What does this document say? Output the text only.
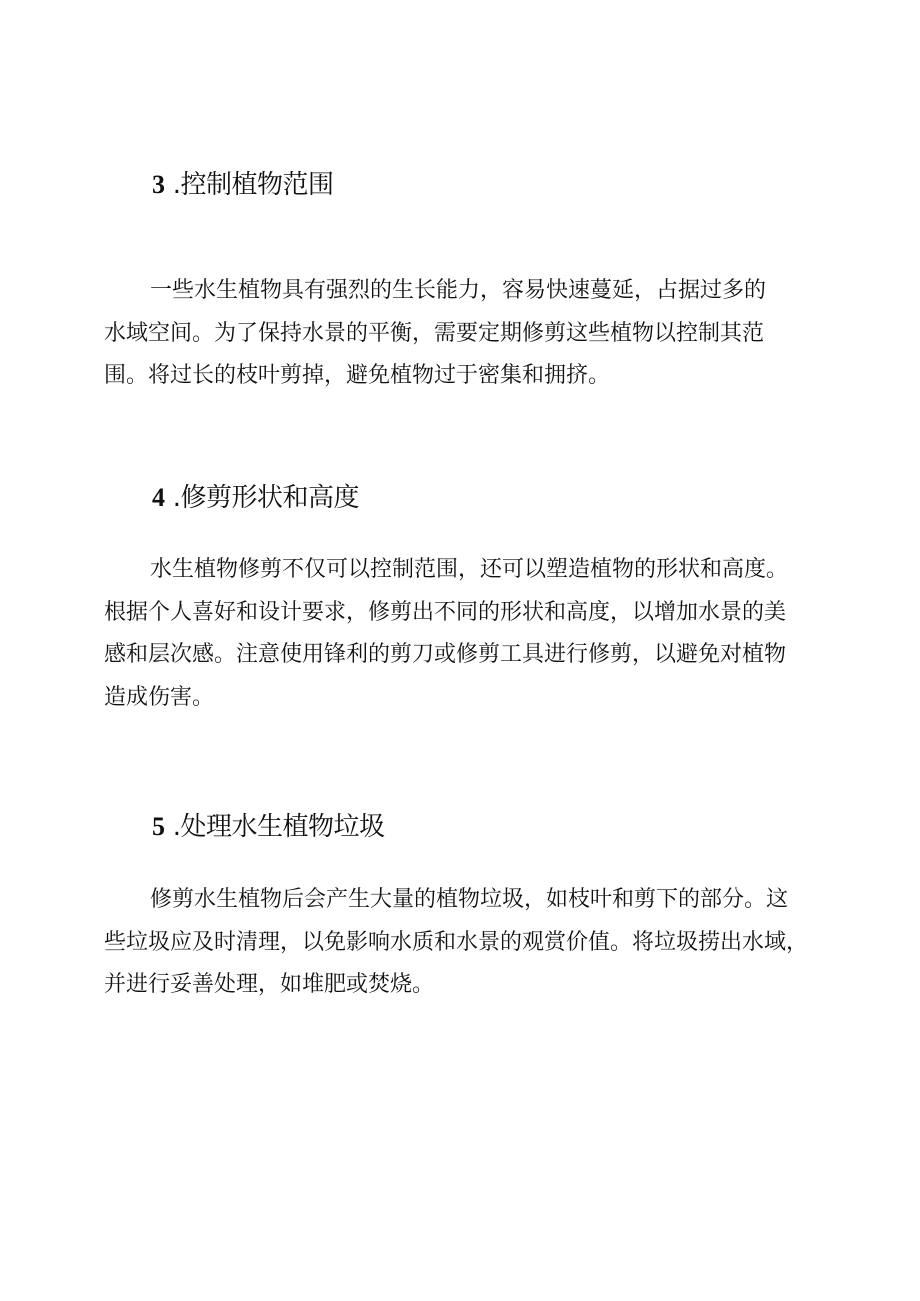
3 .控制植物范围

一些水生植物具有强烈的生长能力，容易快速蔓延，占据过多的
水域空间。为了保持水景的平衡，需要定期修剪这些植物以控制其范
围。将过长的枝叶剪掉，避免植物过于密集和拥挤。

4 .修剪形状和高度

水生植物修剪不仅可以控制范围，还可以塑造植物的形状和高度。
根据个人喜好和设计要求，修剪出不同的形状和高度，以增加水景的美
感和层次感。注意使用锋利的剪刀或修剪工具进行修剪，以避免对植物
造成伤害。

5 .处理水生植物垃圾

修剪水生植物后会产生大量的植物垃圾，如枝叶和剪下的部分。这
些垃圾应及时清理，以免影响水质和水景的观赏价值。将垃圾捞出水域，
并进行妥善处理，如堆肥或焚烧。
